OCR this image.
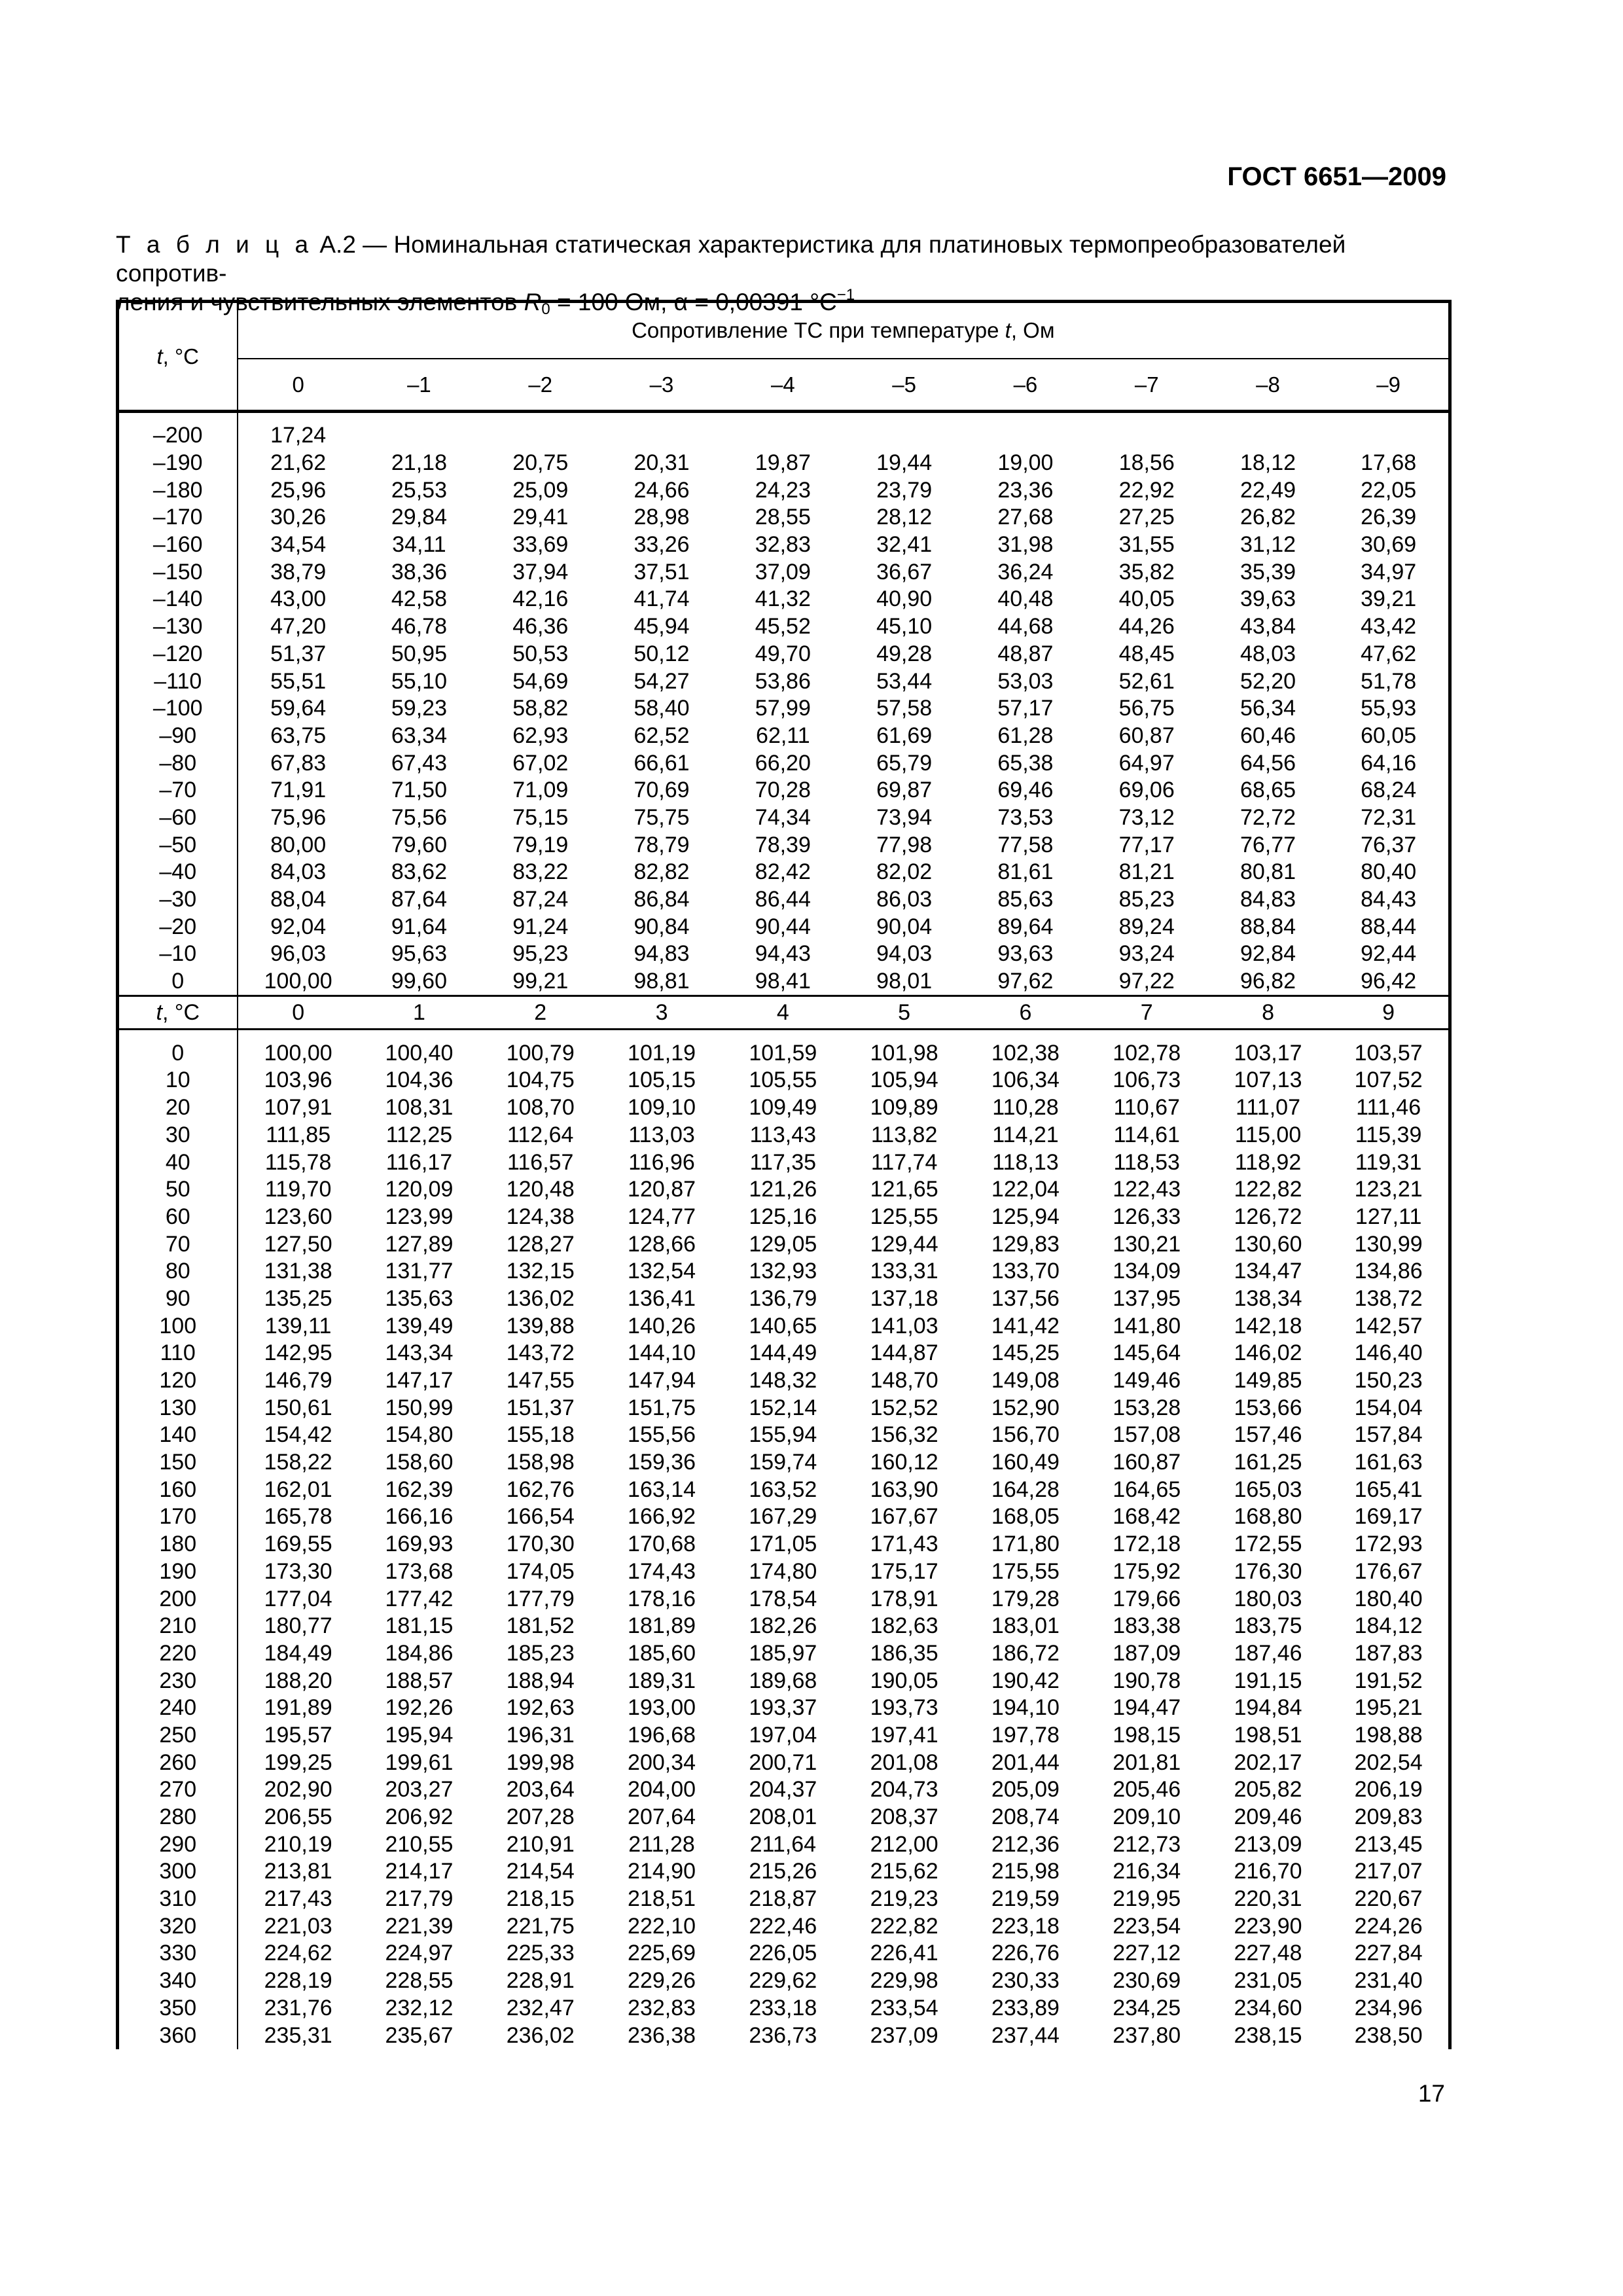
ГОСТ 6651—2009

Т а б л и ц а А.2 — Номинальная статическая характеристика для платиновых термопреобразователей сопротив-
ления и чувствительных элементов $R_0 = 100$ Ом, α = 0,00391 $^\circ C^{-1}$

t, °C	Сопротивление ТС при температуре t, Ом									
	0	–1	–2	–3	–4	–5	–6	–7	–8	–9

–200	17,24									
–190	21,62	21,18	20,75	20,31	19,87	19,44	19,00	18,56	18,12	17,68
–180	25,96	25,53	25,09	24,66	24,23	23,79	23,36	22,92	22,49	22,05
–170	30,26	29,84	29,41	28,98	28,55	28,12	27,68	27,25	26,82	26,39
–160	34,54	34,11	33,69	33,26	32,83	32,41	31,98	31,55	31,12	30,69
–150	38,79	38,36	37,94	37,51	37,09	36,67	36,24	35,82	35,39	34,97
–140	43,00	42,58	42,16	41,74	41,32	40,90	40,48	40,05	39,63	39,21
–130	47,20	46,78	46,36	45,94	45,52	45,10	44,68	44,26	43,84	43,42
–120	51,37	50,95	50,53	50,12	49,70	49,28	48,87	48,45	48,03	47,62
–110	55,51	55,10	54,69	54,27	53,86	53,44	53,03	52,61	52,20	51,78
–100	59,64	59,23	58,82	58,40	57,99	57,58	57,17	56,75	56,34	55,93
–90	63,75	63,34	62,93	62,52	62,11	61,69	61,28	60,87	60,46	60,05
–80	67,83	67,43	67,02	66,61	66,20	65,79	65,38	64,97	64,56	64,16
–70	71,91	71,50	71,09	70,69	70,28	69,87	69,46	69,06	68,65	68,24
–60	75,96	75,56	75,15	75,75	74,34	73,94	73,53	73,12	72,72	72,31
–50	80,00	79,60	79,19	78,79	78,39	77,98	77,58	77,17	76,77	76,37
–40	84,03	83,62	83,22	82,82	82,42	82,02	81,61	81,21	80,81	80,40
–30	88,04	87,64	87,24	86,84	86,44	86,03	85,63	85,23	84,83	84,43
–20	92,04	91,64	91,24	90,84	90,44	90,04	89,64	89,24	88,84	88,44
–10	96,03	95,63	95,23	94,83	94,43	94,03	93,63	93,24	92,84	92,44
0	100,00	99,60	99,21	98,81	98,41	98,01	97,62	97,22	96,82	96,42
t, °C	0	1	2	3	4	5	6	7	8	9

0	100,00	100,40	100,79	101,19	101,59	101,98	102,38	102,78	103,17	103,57
10	103,96	104,36	104,75	105,15	105,55	105,94	106,34	106,73	107,13	107,52
20	107,91	108,31	108,70	109,10	109,49	109,89	110,28	110,67	111,07	111,46
30	111,85	112,25	112,64	113,03	113,43	113,82	114,21	114,61	115,00	115,39
40	115,78	116,17	116,57	116,96	117,35	117,74	118,13	118,53	118,92	119,31
50	119,70	120,09	120,48	120,87	121,26	121,65	122,04	122,43	122,82	123,21
60	123,60	123,99	124,38	124,77	125,16	125,55	125,94	126,33	126,72	127,11
70	127,50	127,89	128,27	128,66	129,05	129,44	129,83	130,21	130,60	130,99
80	131,38	131,77	132,15	132,54	132,93	133,31	133,70	134,09	134,47	134,86
90	135,25	135,63	136,02	136,41	136,79	137,18	137,56	137,95	138,34	138,72
100	139,11	139,49	139,88	140,26	140,65	141,03	141,42	141,80	142,18	142,57
110	142,95	143,34	143,72	144,10	144,49	144,87	145,25	145,64	146,02	146,40
120	146,79	147,17	147,55	147,94	148,32	148,70	149,08	149,46	149,85	150,23
130	150,61	150,99	151,37	151,75	152,14	152,52	152,90	153,28	153,66	154,04
140	154,42	154,80	155,18	155,56	155,94	156,32	156,70	157,08	157,46	157,84
150	158,22	158,60	158,98	159,36	159,74	160,12	160,49	160,87	161,25	161,63
160	162,01	162,39	162,76	163,14	163,52	163,90	164,28	164,65	165,03	165,41
170	165,78	166,16	166,54	166,92	167,29	167,67	168,05	168,42	168,80	169,17
180	169,55	169,93	170,30	170,68	171,05	171,43	171,80	172,18	172,55	172,93
190	173,30	173,68	174,05	174,43	174,80	175,17	175,55	175,92	176,30	176,67
200	177,04	177,42	177,79	178,16	178,54	178,91	179,28	179,66	180,03	180,40
210	180,77	181,15	181,52	181,89	182,26	182,63	183,01	183,38	183,75	184,12
220	184,49	184,86	185,23	185,60	185,97	186,35	186,72	187,09	187,46	187,83
230	188,20	188,57	188,94	189,31	189,68	190,05	190,42	190,78	191,15	191,52
240	191,89	192,26	192,63	193,00	193,37	193,73	194,10	194,47	194,84	195,21
250	195,57	195,94	196,31	196,68	197,04	197,41	197,78	198,15	198,51	198,88
260	199,25	199,61	199,98	200,34	200,71	201,08	201,44	201,81	202,17	202,54
270	202,90	203,27	203,64	204,00	204,37	204,73	205,09	205,46	205,82	206,19
280	206,55	206,92	207,28	207,64	208,01	208,37	208,74	209,10	209,46	209,83
290	210,19	210,55	210,91	211,28	211,64	212,00	212,36	212,73	213,09	213,45
300	213,81	214,17	214,54	214,90	215,26	215,62	215,98	216,34	216,70	217,07
310	217,43	217,79	218,15	218,51	218,87	219,23	219,59	219,95	220,31	220,67
320	221,03	221,39	221,75	222,10	222,46	222,82	223,18	223,54	223,90	224,26
330	224,62	224,97	225,33	225,69	226,05	226,41	226,76	227,12	227,48	227,84
340	228,19	228,55	228,91	229,26	229,62	229,98	230,33	230,69	231,05	231,40
350	231,76	232,12	232,47	232,83	233,18	233,54	233,89	234,25	234,60	234,96
360	235,31	235,67	236,02	236,38	236,73	237,09	237,44	237,80	238,15	238,50

17
